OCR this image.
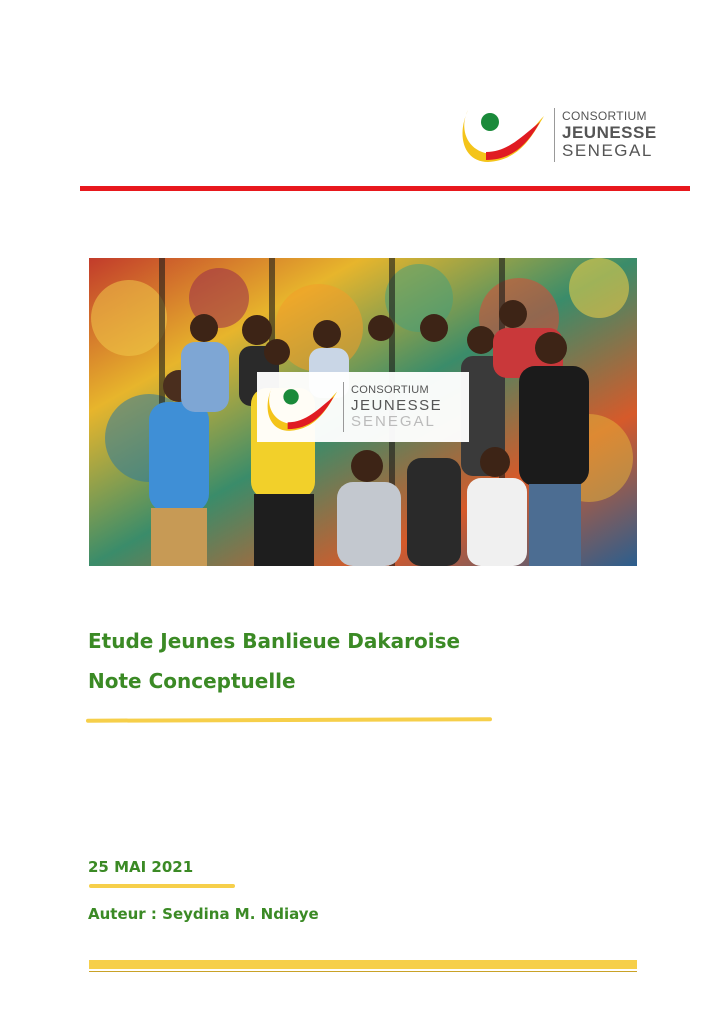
CONSORTIUM
JEUNESSE
SENEGAL
CONSORTIUM
JEUNESSE
SENEGAL
Etude Jeunes Banlieue Dakaroise
Note Conceptuelle
25 MAI 2021
Auteur : Seydina M. Ndiaye
